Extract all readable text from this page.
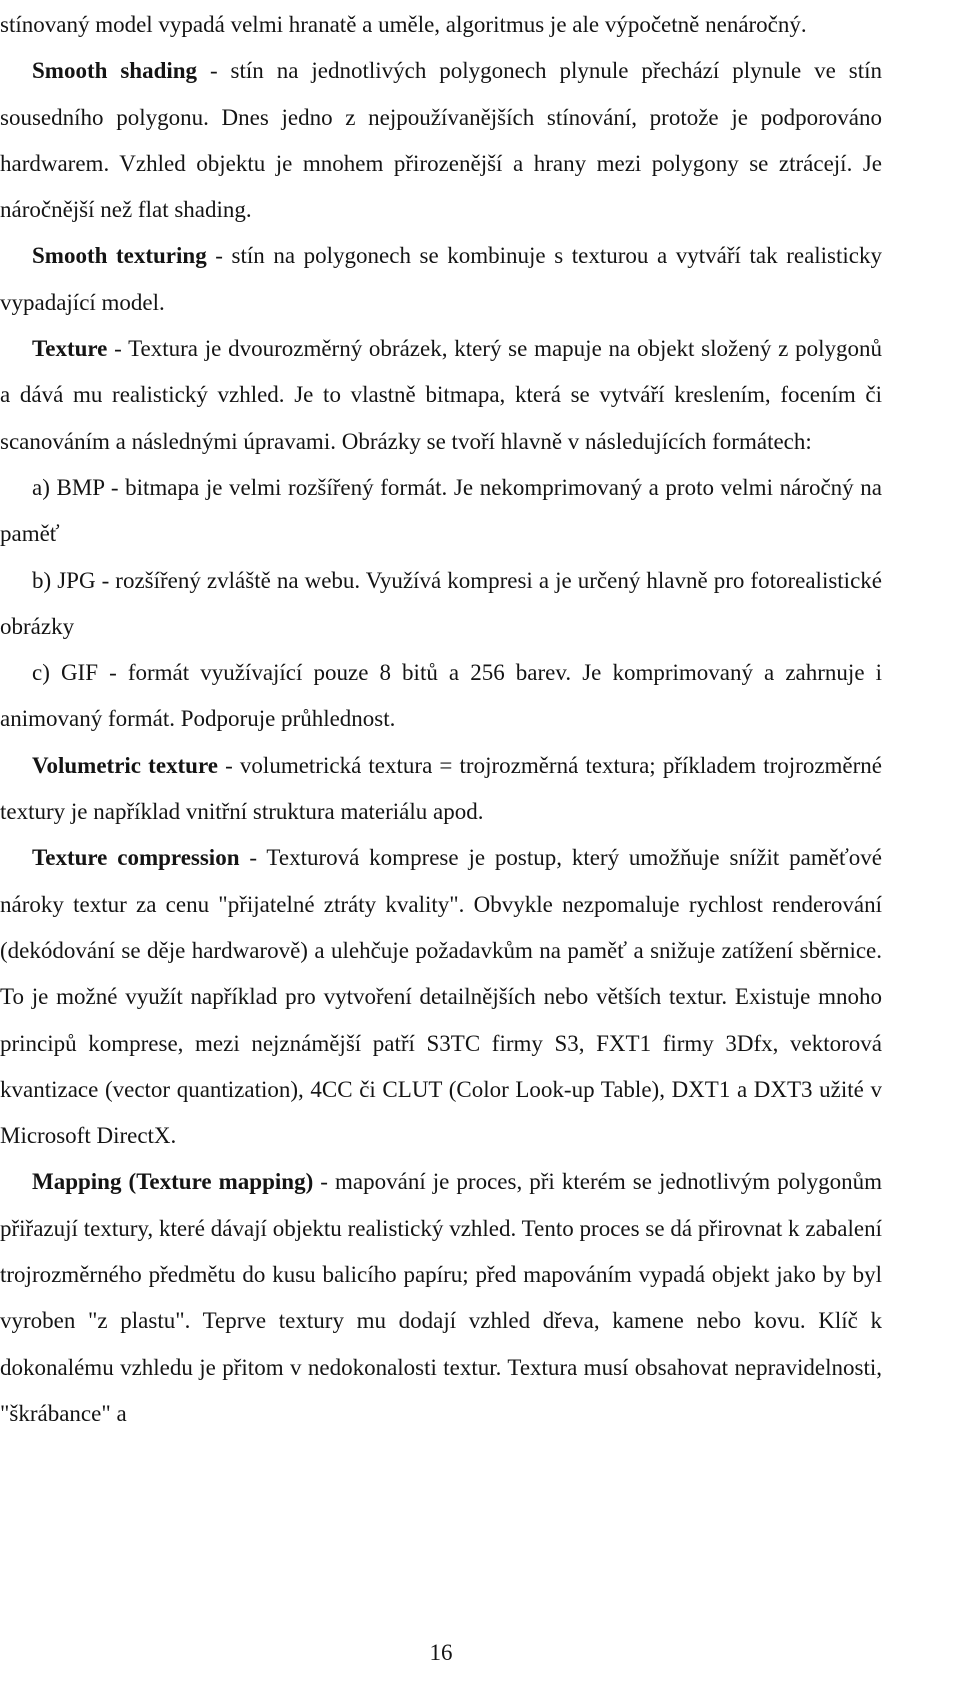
stínovaný model vypadá velmi hranatě a uměle, algoritmus je ale výpočetně nenáročný.

Smooth shading - stín na jednotlivých polygonech plynule přechází plynule ve stín sousedního polygonu. Dnes jedno z nejpoužívanějších stínování, protože je podporováno hardwarem. Vzhled objektu je mnohem přirozenější a hrany mezi polygony se ztrácejí. Je náročnější než flat shading.

Smooth texturing - stín na polygonech se kombinuje s texturou a vytváří tak realisticky vypadající model.

Texture - Textura je dvourozměrný obrázek, který se mapuje na objekt složený z polygonů a dává mu realistický vzhled. Je to vlastně bitmapa, která se vytváří kreslením, focením či scanováním a následnými úpravami. Obrázky se tvoří hlavně v následujících formátech:

a) BMP - bitmapa je velmi rozšířený formát. Je nekomprimovaný a proto velmi náročný na paměť

b) JPG - rozšířený zvláště na webu. Využívá kompresi a je určený hlavně pro fotorealistické obrázky

c) GIF - formát využívající pouze 8 bitů a 256 barev. Je komprimovaný a zahrnuje i animovaný formát. Podporuje průhlednost.

Volumetric texture - volumetrická textura = trojrozměrná textura; příkladem trojrozměrné textury je například vnitřní struktura materiálu apod.

Texture compression - Texturová komprese je postup, který umožňuje snížit paměťové nároky textur za cenu "přijatelné ztráty kvality". Obvykle nezpomaluje rychlost renderování (dekódování se děje hardwarově) a ulehčuje požadavkům na paměť a snižuje zatížení sběrnice. To je možné využít například pro vytvoření detailnějších nebo větších textur. Existuje mnoho principů komprese, mezi nejznámější patří S3TC firmy S3, FXT1 firmy 3Dfx, vektorová kvantizace (vector quantization), 4CC či CLUT (Color Look-up Table), DXT1 a DXT3 užité v Microsoft DirectX.

Mapping (Texture mapping) - mapování je proces, při kterém se jednotlivým polygonům přiřazují textury, které dávají objektu realistický vzhled. Tento proces se dá přirovnat k zabalení trojrozměrného předmětu do kusu balicího papíru; před mapováním vypadá objekt jako by byl vyroben "z plastu". Teprve textury mu dodají vzhled dřeva, kamene nebo kovu. Klíč k dokonalému vzhledu je přitom v nedokonalosti textur. Textura musí obsahovat nepravidelnosti, "škrábance" a

16
